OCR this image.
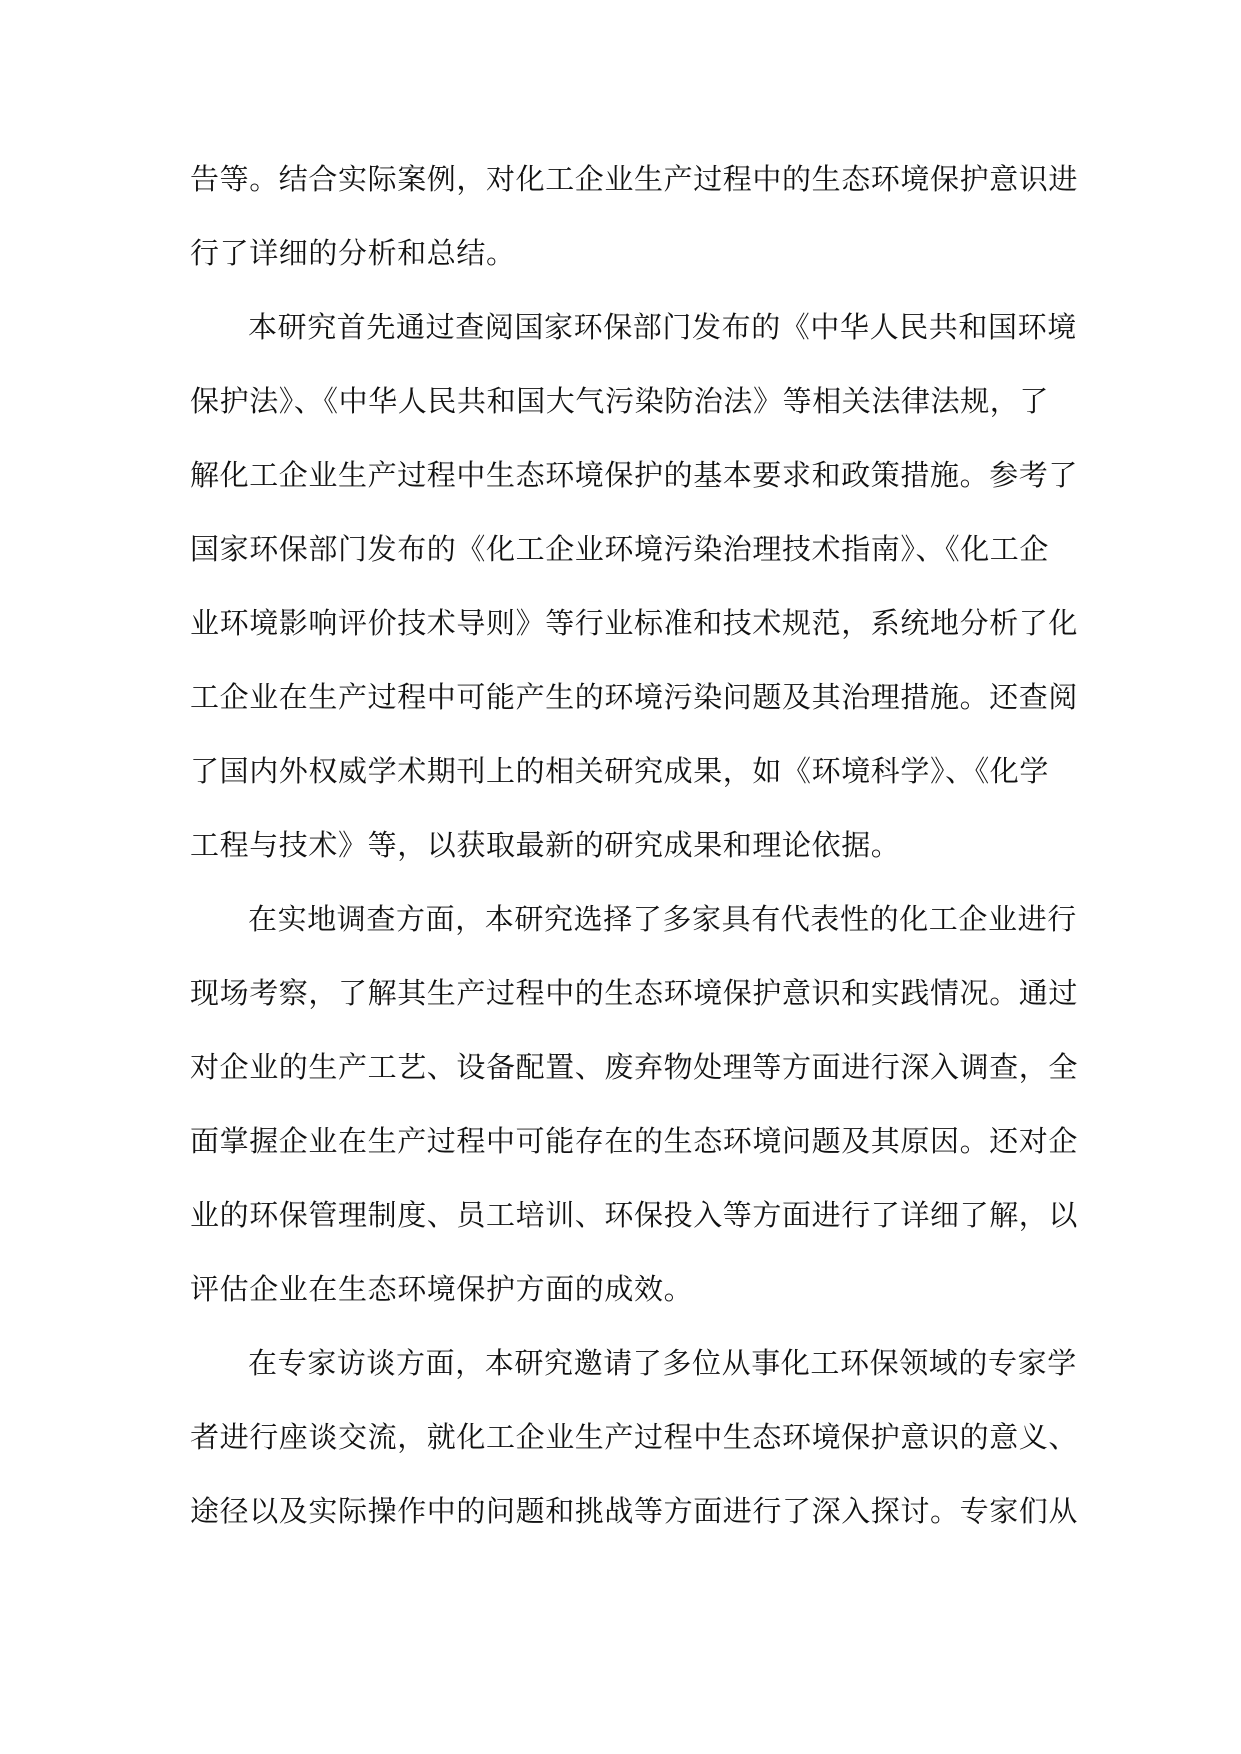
告等。结合实际案例，对化工企业生产过程中的生态环境保护意识进
行了详细的分析和总结。
本研究首先通过查阅国家环保部门发布的《中华人民共和国环境
保护法》、《中华人民共和国大气污染防治法》等相关法律法规，了
解化工企业生产过程中生态环境保护的基本要求和政策措施。参考了
国家环保部门发布的《化工企业环境污染治理技术指南》、《化工企
业环境影响评价技术导则》等行业标准和技术规范，系统地分析了化
工企业在生产过程中可能产生的环境污染问题及其治理措施。还查阅
了国内外权威学术期刊上的相关研究成果，如《环境科学》、《化学
工程与技术》等，以获取最新的研究成果和理论依据。
在实地调查方面，本研究选择了多家具有代表性的化工企业进行
现场考察，了解其生产过程中的生态环境保护意识和实践情况。通过
对企业的生产工艺、设备配置、废弃物处理等方面进行深入调查，全
面掌握企业在生产过程中可能存在的生态环境问题及其原因。还对企
业的环保管理制度、员工培训、环保投入等方面进行了详细了解，以
评估企业在生态环境保护方面的成效。
在专家访谈方面，本研究邀请了多位从事化工环保领域的专家学
者进行座谈交流，就化工企业生产过程中生态环境保护意识的意义、
途径以及实际操作中的问题和挑战等方面进行了深入探讨。专家们从
